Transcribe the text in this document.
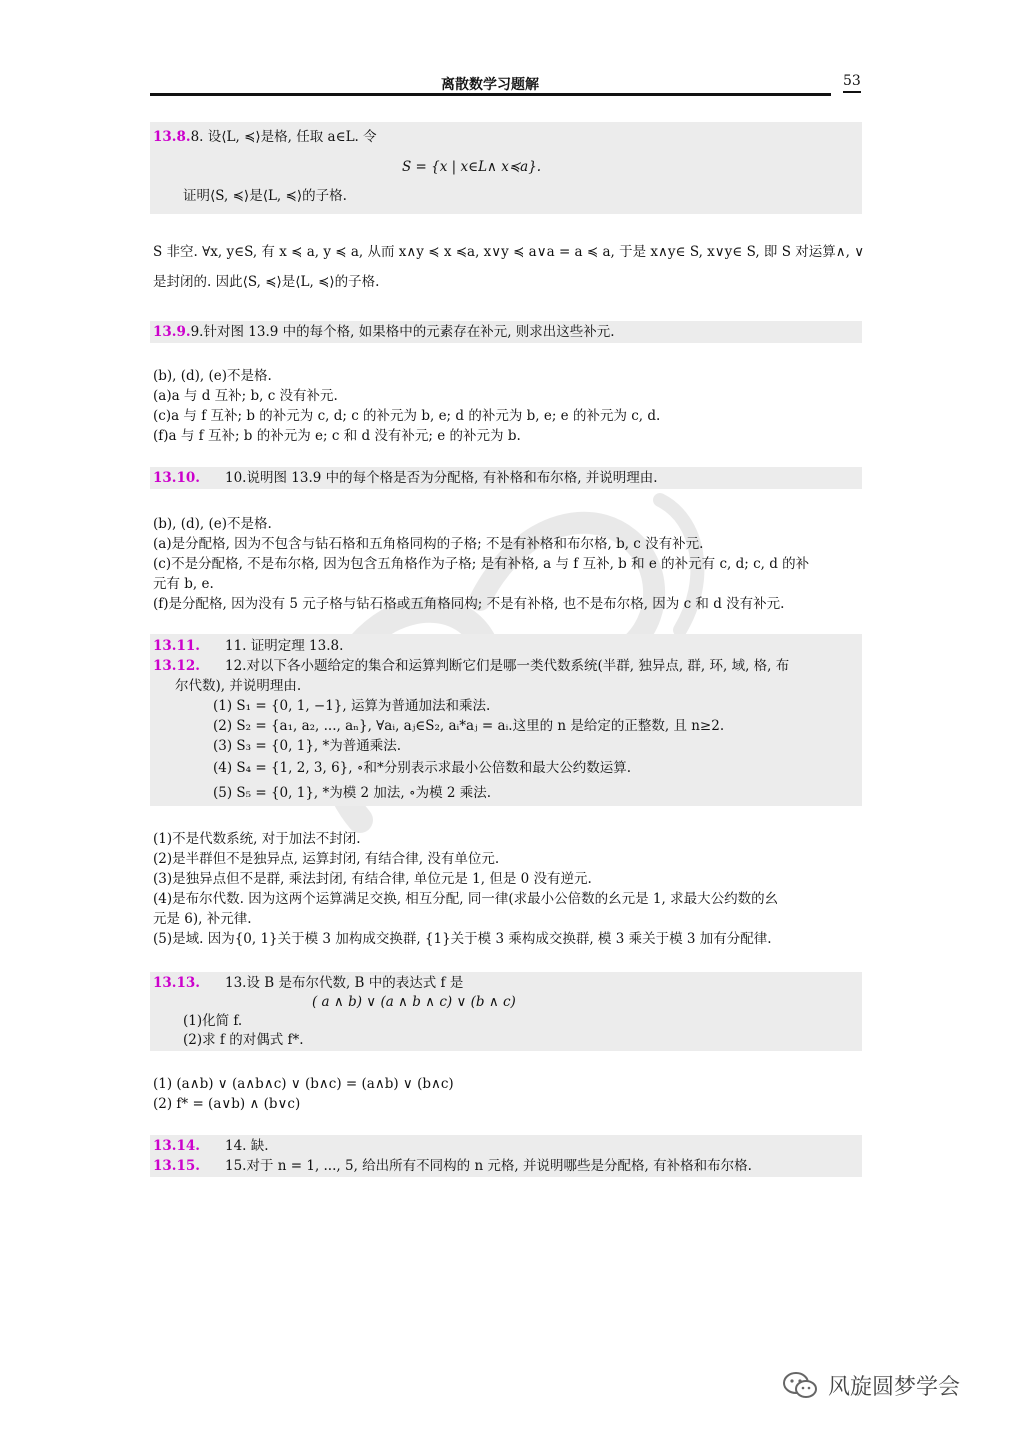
离散数学习题解	53
13.8.8. 设⟨L, ≼⟩是格, 任取 a∈L. 令
S = {x | x∈L∧ x≼a}.
证明⟨S, ≼⟩是⟨L, ≼⟩的子格.
S 非空. ∀x, y∈S, 有 x ≼ a, y ≼ a, 从而 x∧y ≼ x ≼a, x∨y ≼ a∨a = a ≼ a, 于是 x∧y∈ S, x∨y∈ S, 即 S 对运算∧, ∨
是封闭的. 因此⟨S, ≼⟩是⟨L, ≼⟩的子格.
13.9.9.针对图 13.9 中的每个格, 如果格中的元素存在补元, 则求出这些补元.
(b), (d), (e)不是格.
(a)a 与 d 互补; b, c 没有补元.
(c)a 与 f 互补; b 的补元为 c, d; c 的补元为 b, e; d 的补元为 b, e; e 的补元为 c, d.
(f)a 与 f 互补; b 的补元为 e; c 和 d 没有补元; e 的补元为 b.
13.10. 10.说明图 13.9 中的每个格是否为分配格, 有补格和布尔格, 并说明理由.
(b), (d), (e)不是格.
(a)是分配格, 因为不包含与钻石格和五角格同构的子格; 不是有补格和布尔格, b, c 没有补元.
(c)不是分配格, 不是布尔格, 因为包含五角格作为子格; 是有补格, a 与 f 互补, b 和 e 的补元有 c, d; c, d 的补
元有 b, e.
(f)是分配格, 因为没有 5 元子格与钻石格或五角格同构; 不是有补格, 也不是布尔格, 因为 c 和 d 没有补元.
13.11. 11. 证明定理 13.8.
13.12. 12.对以下各小题给定的集合和运算判断它们是哪一类代数系统(半群, 独异点, 群, 环, 域, 格, 布
尔代数), 并说明理由.
(1) S₁ = {0, 1, −1}, 运算为普通加法和乘法.
(2) S₂ = {a₁, a₂, ..., aₙ}, ∀aᵢ, aⱼ∈S₂, aᵢ*aⱼ = aᵢ.这里的 n 是给定的正整数, 且 n≥2.
(3) S₃ = {0, 1}, *为普通乘法.
(4) S₄ = {1, 2, 3, 6}, ∘和*分别表示求最小公倍数和最大公约数运算.
(5) S₅ = {0, 1}, *为模 2 加法, ∘为模 2 乘法.
(1)不是代数系统, 对于加法不封闭.
(2)是半群但不是独异点, 运算封闭, 有结合律, 没有单位元.
(3)是独异点但不是群, 乘法封闭, 有结合律, 单位元是 1, 但是 0 没有逆元.
(4)是布尔代数. 因为这两个运算满足交换, 相互分配, 同一律(求最小公倍数的幺元是 1, 求最大公约数的幺
元是 6), 补元律.
(5)是域. 因为{0, 1}关于模 3 加构成交换群, {1}关于模 3 乘构成交换群, 模 3 乘关于模 3 加有分配律.
13.13. 13.设 B 是布尔代数, B 中的表达式 f 是
( a ∧ b) ∨ (a ∧ b ∧ c) ∨ (b ∧ c)
(1)化简 f.
(2)求 f 的对偶式 f*.
(1) (a∧b) ∨ (a∧b∧c) ∨ (b∧c) = (a∧b) ∨ (b∧c)
(2) f* = (a∨b) ∧ (b∨c)
13.14. 14. 缺.
13.15. 15.对于 n = 1, ..., 5, 给出所有不同构的 n 元格, 并说明哪些是分配格, 有补格和布尔格.
风旋圆梦学会
